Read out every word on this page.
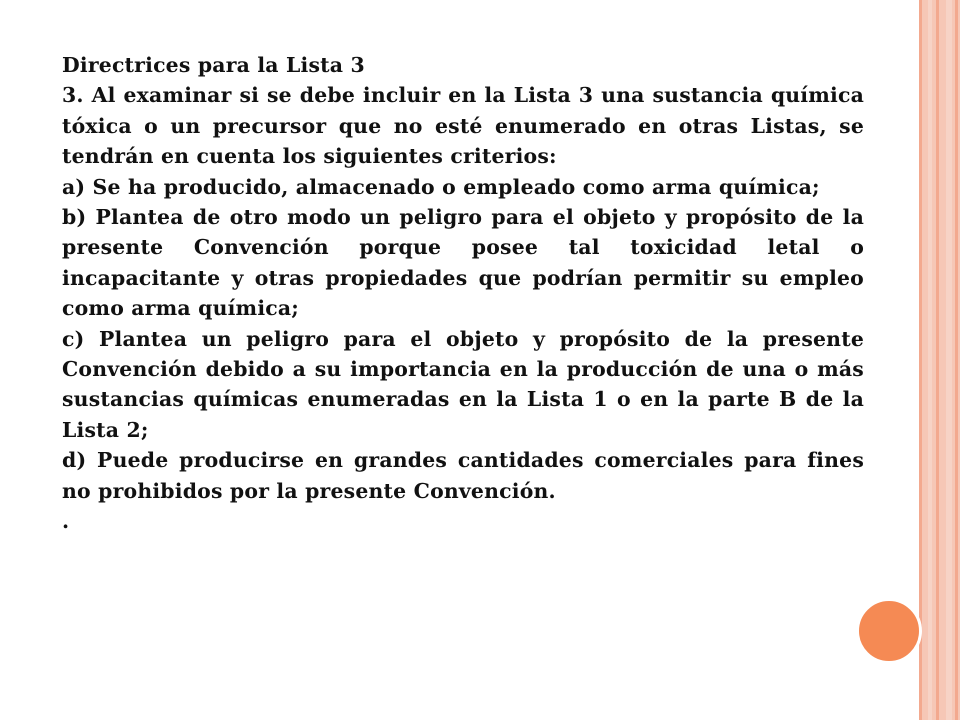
Directrices para la Lista 3

3. Al examinar si se debe incluir en la Lista 3 una sustancia química tóxica o un precursor que no esté enumerado en otras Listas, se tendrán en cuenta los siguientes criterios:

a) Se ha producido, almacenado o empleado como arma química;

b) Plantea de otro modo un peligro para el objeto y propósito de la presente Convención porque posee tal toxicidad letal o incapacitante y otras propiedades que podrían permitir su empleo como arma química;

c) Plantea un peligro para el objeto y propósito de la presente Convención debido a su importancia en la producción de una o más sustancias químicas enumeradas en la Lista 1 o en la parte B de la Lista 2;

d) Puede producirse en grandes cantidades comerciales para fines no prohibidos por la presente Convención.

.
